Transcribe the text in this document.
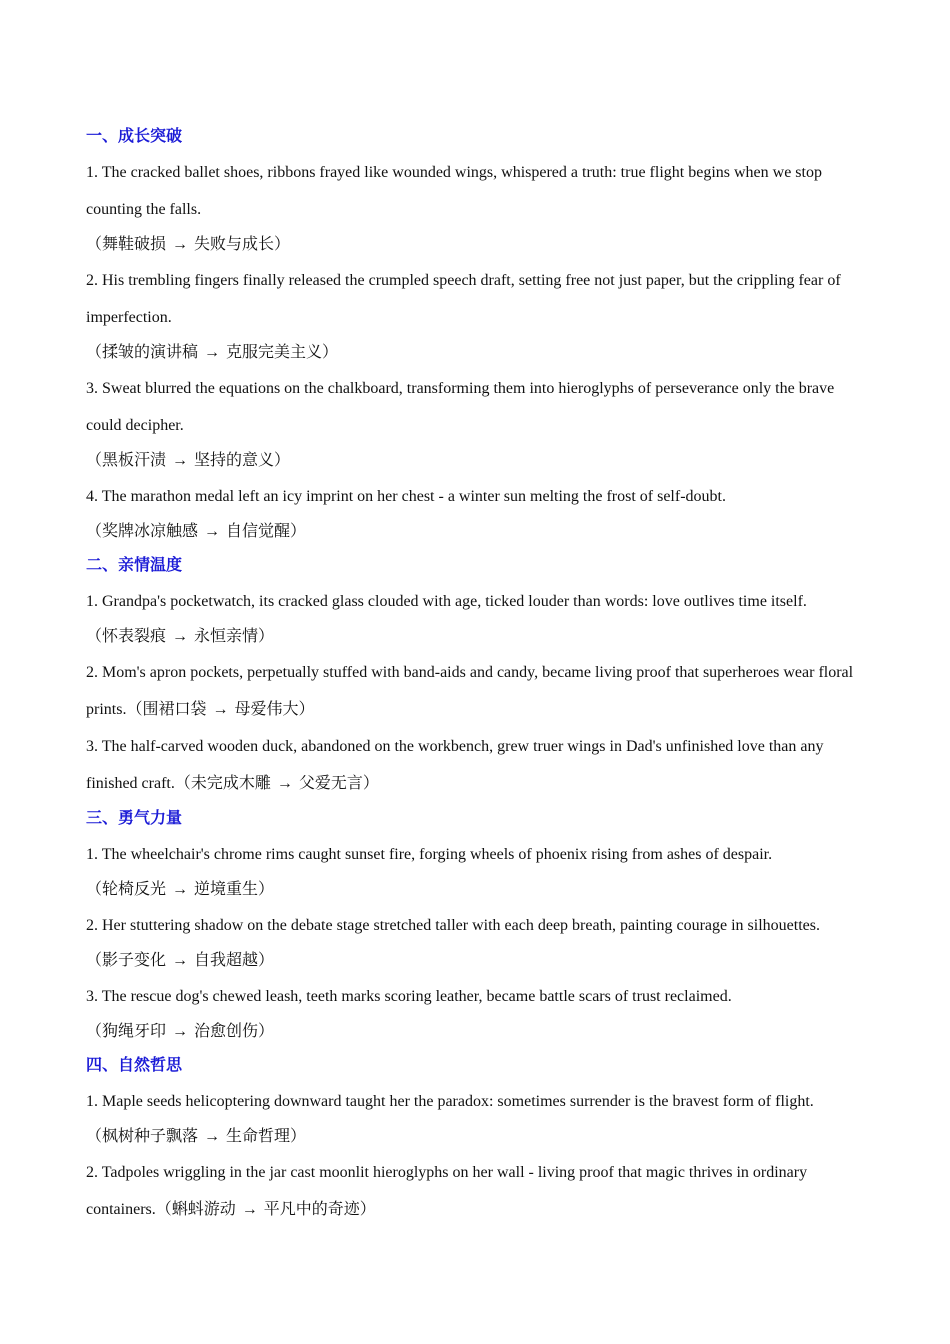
一、成长突破
1. The cracked ballet shoes, ribbons frayed like wounded wings, whispered a truth: true flight begins when we stop counting the falls.
（舞鞋破损 → 失败与成长）
2. His trembling fingers finally released the crumpled speech draft, setting free not just paper, but the crippling fear of imperfection.
（揉皱的演讲稿 → 克服完美主义）
3. Sweat blurred the equations on the chalkboard, transforming them into hieroglyphs of perseverance only the brave could decipher.
（黑板汗渍 → 坚持的意义）
4. The marathon medal left an icy imprint on her chest - a winter sun melting the frost of self-doubt.
（奖牌冰凉触感 → 自信觉醒）
二、亲情温度
1. Grandpa's pocketwatch, its cracked glass clouded with age, ticked louder than words: love outlives time itself.
（怀表裂痕 → 永恒亲情）
2. Mom's apron pockets, perpetually stuffed with band-aids and candy, became living proof that superheroes wear floral prints.（围裙口袋 → 母爱伟大）
3. The half-carved wooden duck, abandoned on the workbench, grew truer wings in Dad's unfinished love than any finished craft.（未完成木雕 → 父爱无言）
三、勇气力量
1. The wheelchair's chrome rims caught sunset fire, forging wheels of phoenix rising from ashes of despair.
（轮椅反光 → 逆境重生）
2. Her stuttering shadow on the debate stage stretched taller with each deep breath, painting courage in silhouettes.
（影子变化 → 自我超越）
3. The rescue dog's chewed leash, teeth marks scoring leather, became battle scars of trust reclaimed.
（狗绳牙印 → 治愈创伤）
四、自然哲思
1. Maple seeds helicoptering downward taught her the paradox: sometimes surrender is the bravest form of flight.
（枫树种子飘落 → 生命哲理）
2. Tadpoles wriggling in the jar cast moonlit hieroglyphs on her wall - living proof that magic thrives in ordinary containers.（蝌蚪游动 → 平凡中的奇迹）
